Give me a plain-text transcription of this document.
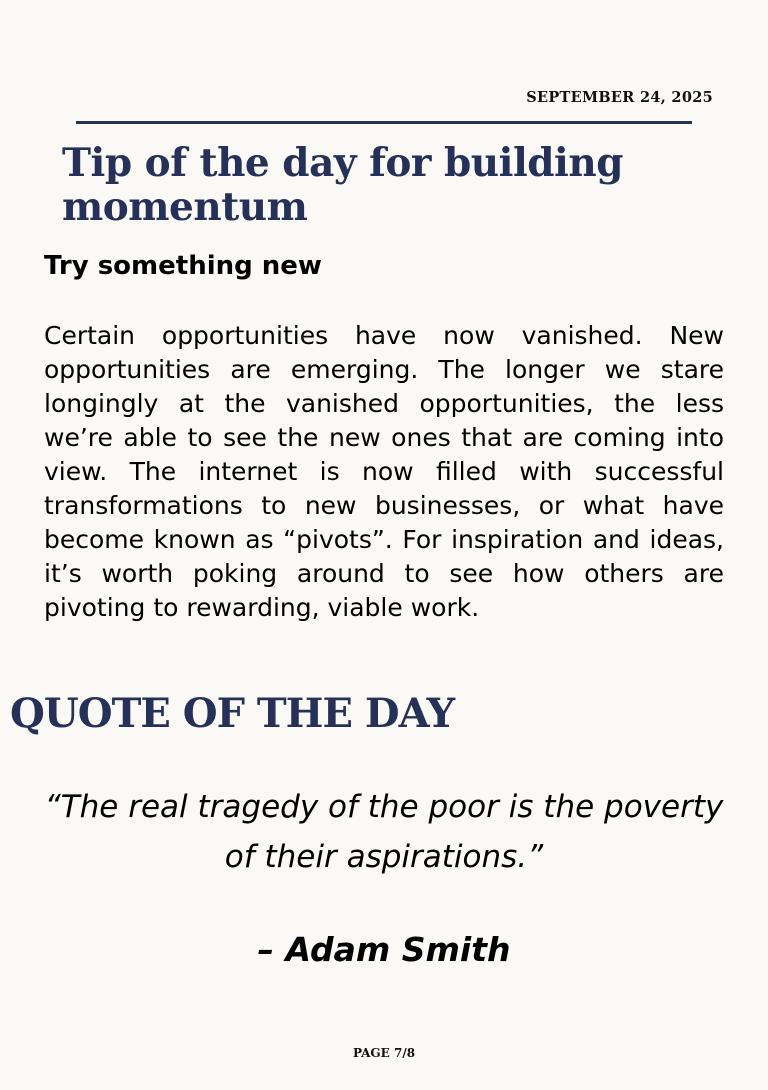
SEPTEMBER 24, 2025
Tip of the day for building momentum
Try something new

Certain opportunities have now vanished. New opportunities are emerging. The longer we stare longingly at the vanished opportunities, the less we’re able to see the new ones that are coming into view. The internet is now filled with successful transformations to new businesses, or what have become known as “pivots”. For inspiration and ideas, it’s worth poking around to see how others are pivoting to rewarding, viable work.

QUOTE OF THE DAY

“The real tragedy of the poor is the poverty of their aspirations.”

– Adam Smith

PAGE 7/8
